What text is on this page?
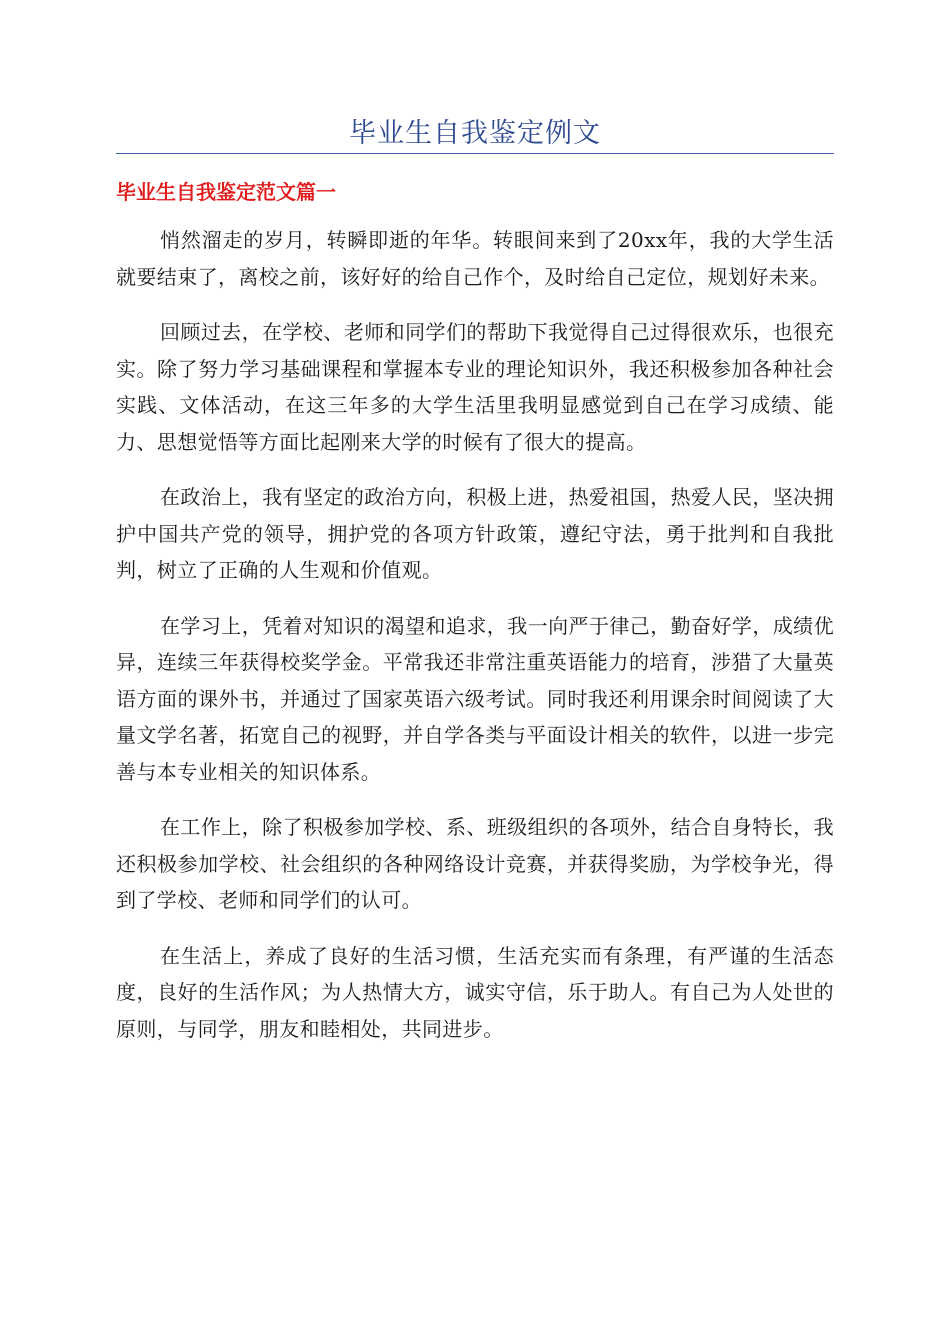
毕业生自我鉴定例文
毕业生自我鉴定范文篇一

悄然溜走的岁月，转瞬即逝的年华。转眼间来到了20xx年，我的大学生活就要结束了，离校之前，该好好的给自己作个，及时给自己定位，规划好未来。

回顾过去，在学校、老师和同学们的帮助下我觉得自己过得很欢乐，也很充实。除了努力学习基础课程和掌握本专业的理论知识外，我还积极参加各种社会实践、文体活动，在这三年多的大学生活里我明显感觉到自己在学习成绩、能力、思想觉悟等方面比起刚来大学的时候有了很大的提高。

在政治上，我有坚定的政治方向，积极上进，热爱祖国，热爱人民，坚决拥护中国共产党的领导，拥护党的各项方针政策，遵纪守法，勇于批判和自我批判，树立了正确的人生观和价值观。

在学习上，凭着对知识的渴望和追求，我一向严于律己，勤奋好学，成绩优异，连续三年获得校奖学金。平常我还非常注重英语能力的培育，涉猎了大量英语方面的课外书，并通过了国家英语六级考试。同时我还利用课余时间阅读了大量文学名著，拓宽自己的视野，并自学各类与平面设计相关的软件，以进一步完善与本专业相关的知识体系。

在工作上，除了积极参加学校、系、班级组织的各项外，结合自身特长，我还积极参加学校、社会组织的各种网络设计竞赛，并获得奖励，为学校争光，得到了学校、老师和同学们的认可。

在生活上，养成了良好的生活习惯，生活充实而有条理，有严谨的生活态度，良好的生活作风；为人热情大方，诚实守信，乐于助人。有自己为人处世的原则，与同学，朋友和睦相处，共同进步。
